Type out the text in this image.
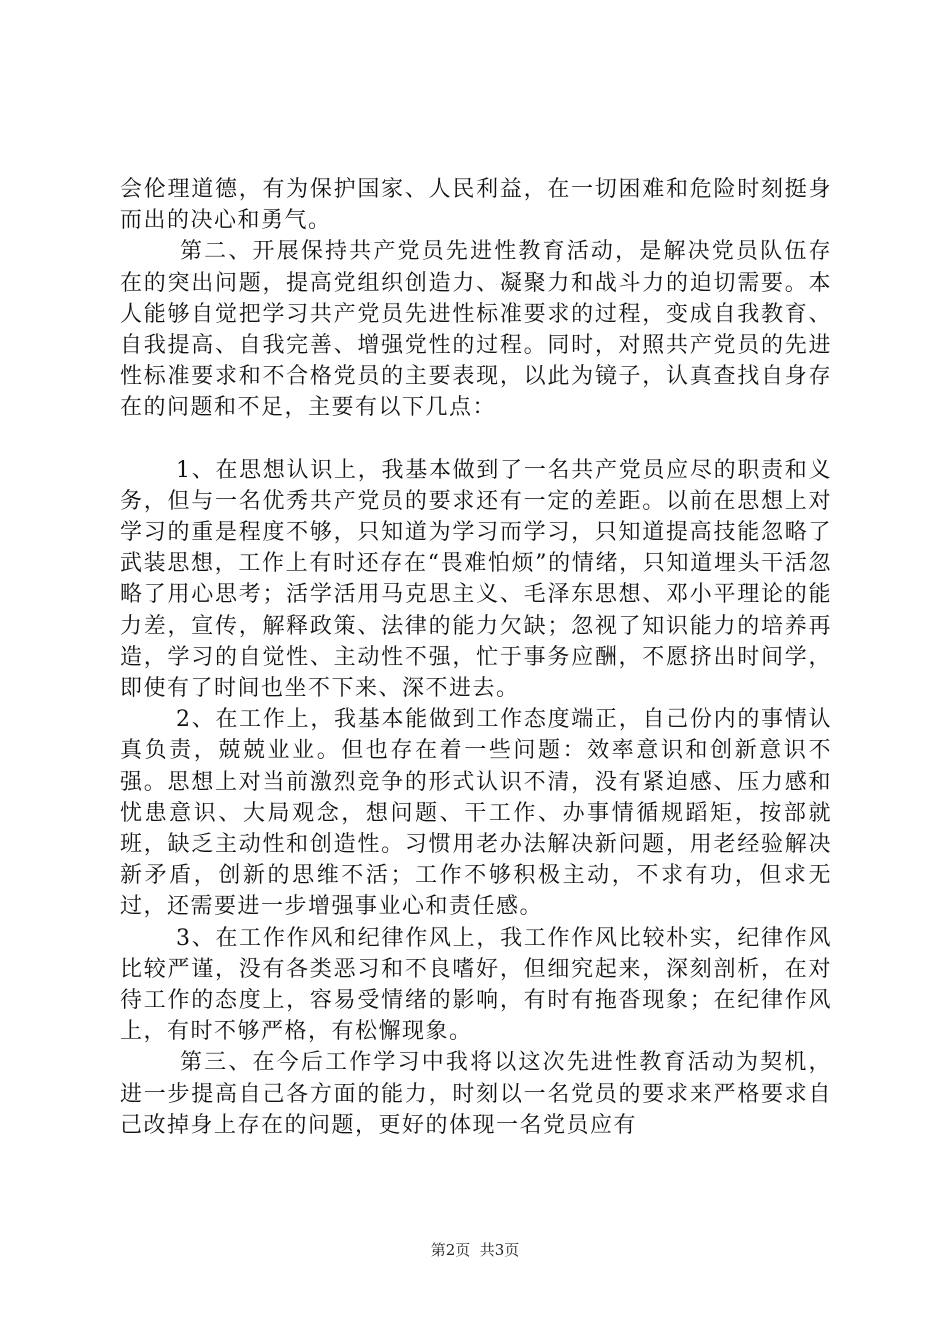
会伦理道德，有为保护国家、人民利益，在一切困难和危险时刻挺身而出的决心和勇气。

第二、开展保持共产党员先进性教育活动，是解决党员队伍存在的突出问题，提高党组织创造力、凝聚力和战斗力的迫切需要。本人能够自觉把学习共产党员先进性标准要求的过程，变成自我教育、自我提高、自我完善、增强党性的过程。同时，对照共产党员的先进性标准要求和不合格党员的主要表现，以此为镜子，认真查找自身存在的问题和不足，主要有以下几点：

1、在思想认识上，我基本做到了一名共产党员应尽的职责和义务，但与一名优秀共产党员的要求还有一定的差距。以前在思想上对学习的重是程度不够，只知道为学习而学习，只知道提高技能忽略了武装思想，工作上有时还存在“畏难怕烦”的情绪，只知道埋头干活忽略了用心思考；活学活用马克思主义、毛泽东思想、邓小平理论的能力差，宣传，解释政策、法律的能力欠缺；忽视了知识能力的培养再造，学习的自觉性、主动性不强，忙于事务应酬，不愿挤出时间学，即使有了时间也坐不下来、深不进去。

2、在工作上，我基本能做到工作态度端正，自己份内的事情认真负责，兢兢业业。但也存在着一些问题：效率意识和创新意识不强。思想上对当前激烈竞争的形式认识不清，没有紧迫感、压力感和忧患意识、大局观念，想问题、干工作、办事情循规蹈矩，按部就班，缺乏主动性和创造性。习惯用老办法解决新问题，用老经验解决新矛盾，创新的思维不活；工作不够积极主动，不求有功，但求无过，还需要进一步增强事业心和责任感。

3、在工作作风和纪律作风上，我工作作风比较朴实，纪律作风比较严谨，没有各类恶习和不良嗜好，但细究起来，深刻剖析，在对待工作的态度上，容易受情绪的影响，有时有拖沓现象；在纪律作风上，有时不够严格，有松懈现象。

第三、在今后工作学习中我将以这次先进性教育活动为契机，进一步提高自己各方面的能力，时刻以一名党员的要求来严格要求自己改掉身上存在的问题，更好的体现一名党员应有

第2页  共3页
